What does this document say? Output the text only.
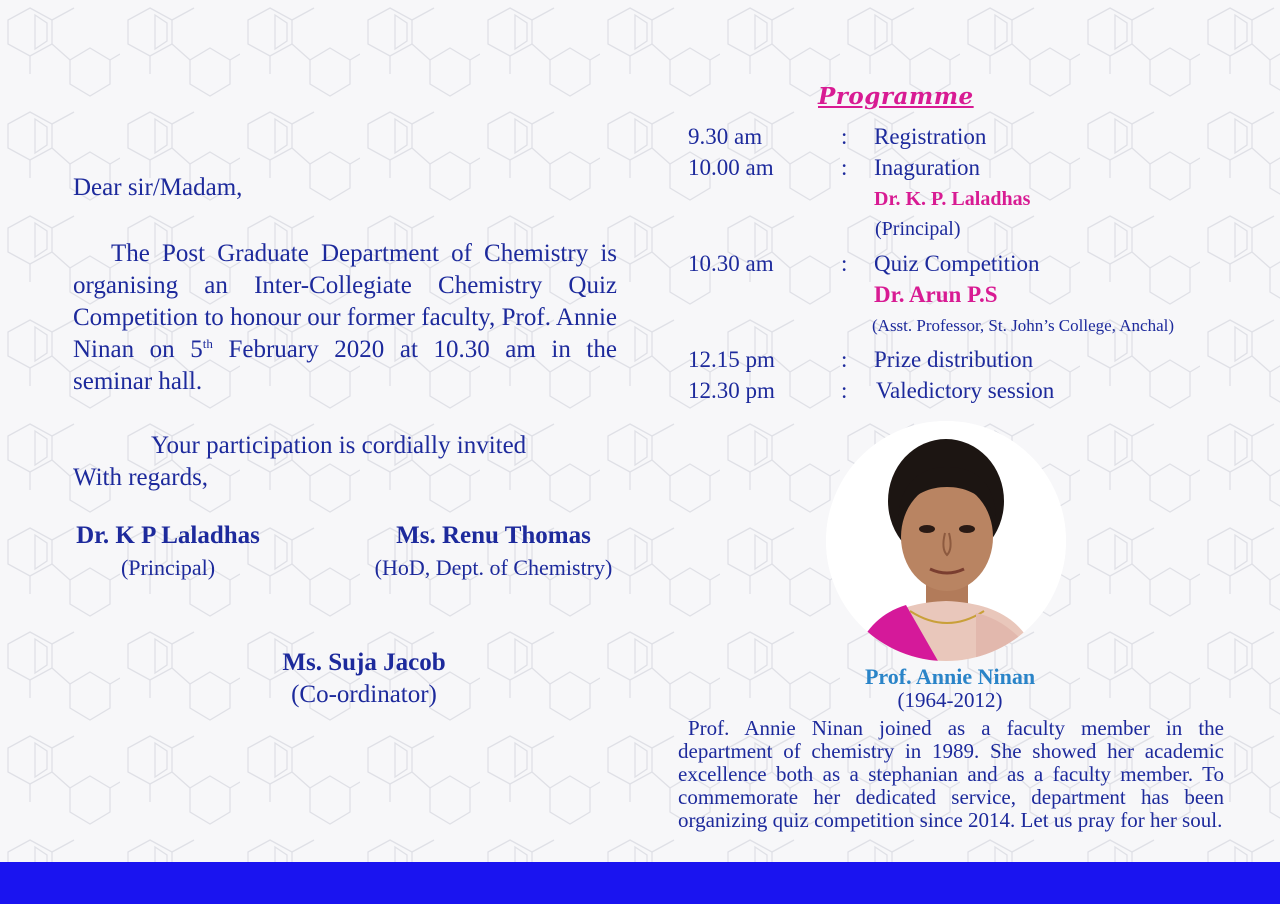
Dear sir/Madam,

The Post Graduate Department of Chemistry is organising an Inter-Collegiate Chemistry Quiz Competition to honour our former faculty, Prof. Annie Ninan on 5th February 2020 at 10.30 am in the seminar hall.

Your participation is cordially invited

With regards,

Dr. K P Laladhas
(Principal)
Ms. Renu Thomas
(HoD, Dept. of Chemistry)
Ms. Suja Jacob
(Co-ordinator)
Programme
9.30 am	: Registration
10.00 am	: Inaguration
Dr. K. P. Laladhas
(Principal)
10.30 am	: Quiz Competition
Dr. Arun P.S
(Asst. Professor, St. John’s College, Anchal)
12.15 pm	: Prize distribution
12.30 pm	: Valedictory session
Prof. Annie Ninan
(1964-2012)
Prof. Annie Ninan joined as a faculty member in the department of chemistry in 1989. She showed her academic excellence both as a stephanian and as a faculty member. To commemorate her dedicated service, department has been organizing quiz competition since 2014. Let us pray for her soul.
